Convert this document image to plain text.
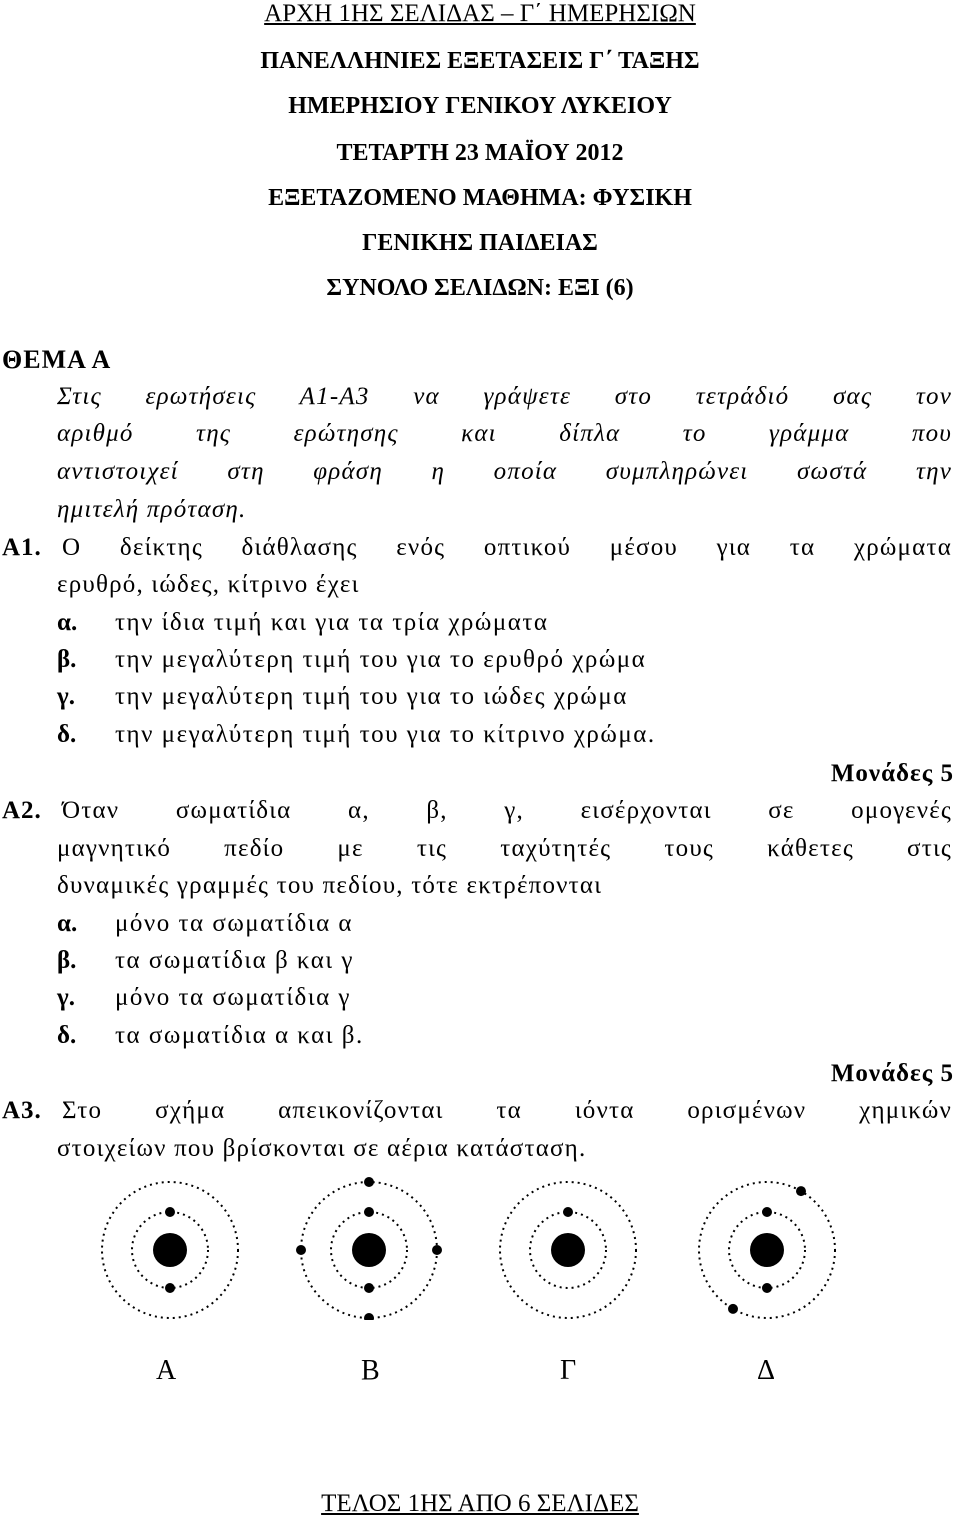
ΑΡΧΗ 1ΗΣ ΣΕΛΙΔΑΣ – Γ΄ ΗΜΕΡΗΣΙΩΝ
ΠΑΝΕΛΛΗΝΙΕΣ ΕΞΕΤΑΣΕΙΣ Γ΄ ΤΑΞΗΣ
ΗΜΕΡΗΣΙΟΥ ΓΕΝΙΚΟΥ ΛΥΚΕΙΟΥ
ΤΕΤΑΡΤΗ 23 ΜΑΪΟΥ 2012
ΕΞΕΤΑΖΟΜΕΝΟ ΜΑΘΗΜΑ: ΦΥΣΙΚΗ
ΓΕΝΙΚΗΣ ΠΑΙΔΕΙΑΣ
ΣΥΝΟΛΟ ΣΕΛΙΔΩΝ: ΕΞΙ (6)
ΘΕΜΑ Α
Στις ερωτήσεις Α1-Α3 να γράψετε στο τετράδιό σας τον
αριθμό της ερώτησης και δίπλα το γράμμα που
αντιστοιχεί στη φράση η οποία συμπληρώνει σωστά την
ημιτελή πρόταση.
Α1. Ο δείκτης διάθλασης ενός οπτικού μέσου για τα χρώματα
ερυθρό, ιώδες, κίτρινο έχει
α. την ίδια τιμή και για τα τρία χρώματα
β. την μεγαλύτερη τιμή του για το ερυθρό χρώμα
γ. την μεγαλύτερη τιμή του για το ιώδες χρώμα
δ. την μεγαλύτερη τιμή του για το κίτρινο χρώμα.
Μονάδες 5
Α2. Όταν σωματίδια α, β, γ, εισέρχονται σε ομογενές
μαγνητικό πεδίο με τις ταχύτητές τους κάθετες στις
δυναμικές γραμμές του πεδίου, τότε εκτρέπονται
α. μόνο τα σωματίδια α
β. τα σωματίδια β και γ
γ. μόνο τα σωματίδια γ
δ. τα σωματίδια α και β.
Μονάδες 5
Α3. Στο σχήμα απεικονίζονται τα ιόντα ορισμένων χημικών
στοιχείων που βρίσκονται σε αέρια κατάσταση.
Α	Β	Γ	Δ
ΤΕΛΟΣ 1ΗΣ ΑΠΟ 6 ΣΕΛΙΔΕΣ
